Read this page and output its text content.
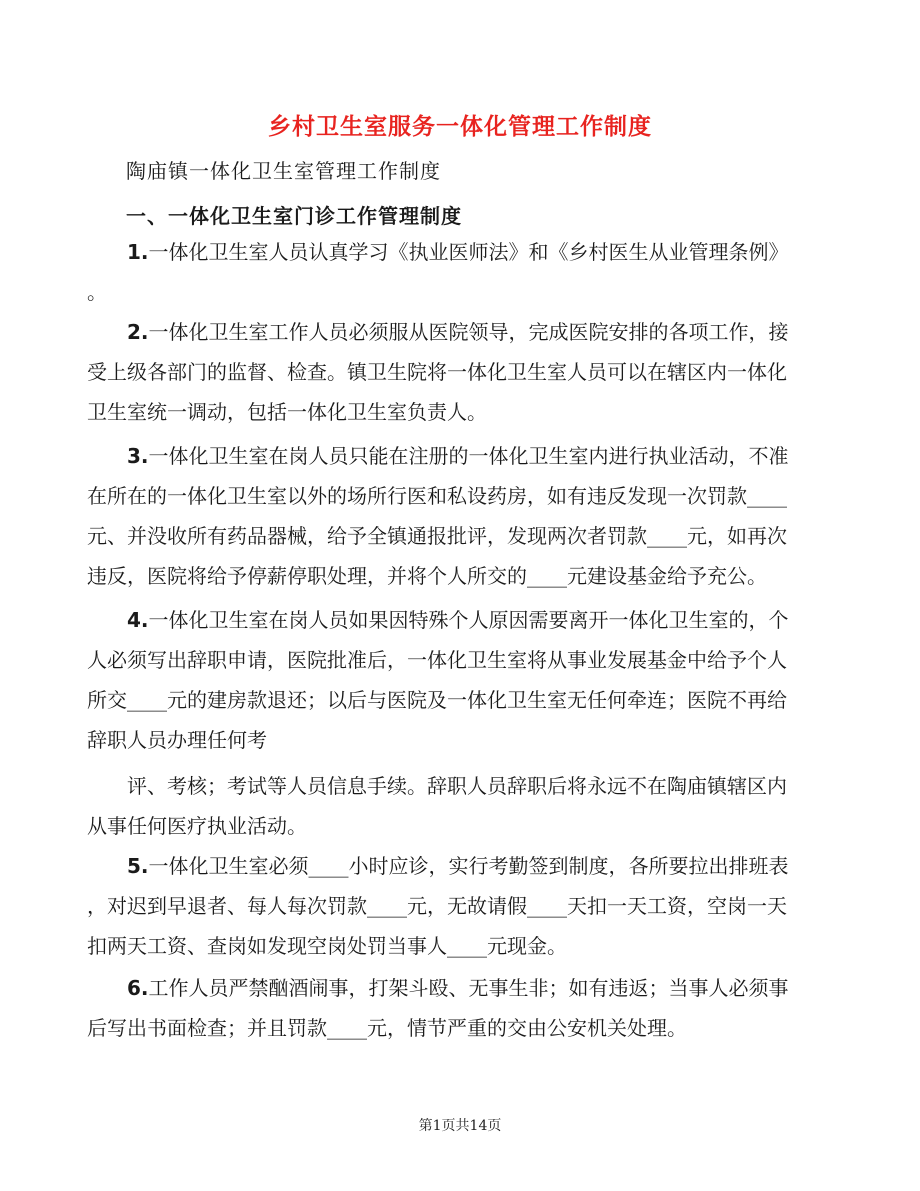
乡村卫生室服务一体化管理工作制度
陶庙镇一体化卫生室管理工作制度
一、一体化卫生室门诊工作管理制度
1.一体化卫生室人员认真学习《执业医师法》和《乡村医生从业管理条例》
。
2.一体化卫生室工作人员必须服从医院领导，完成医院安排的各项工作，接
受上级各部门的监督、检查。镇卫生院将一体化卫生室人员可以在辖区内一体化
卫生室统一调动，包括一体化卫生室负责人。
3.一体化卫生室在岗人员只能在注册的一体化卫生室内进行执业活动，不准
在所在的一体化卫生室以外的场所行医和私设药房，如有违反发现一次罚款____
元、并没收所有药品器械，给予全镇通报批评，发现两次者罚款____元，如再次
违反，医院将给予停薪停职处理，并将个人所交的____元建设基金给予充公。
4.一体化卫生室在岗人员如果因特殊个人原因需要离开一体化卫生室的，个
人必须写出辞职申请，医院批准后，一体化卫生室将从事业发展基金中给予个人
所交____元的建房款退还；以后与医院及一体化卫生室无任何牵连；医院不再给
辞职人员办理任何考
评、考核；考试等人员信息手续。辞职人员辞职后将永远不在陶庙镇辖区内
从事任何医疗执业活动。
5.一体化卫生室必须____小时应诊，实行考勤签到制度，各所要拉出排班表
，对迟到早退者、每人每次罚款____元，无故请假____天扣一天工资，空岗一天
扣两天工资、查岗如发现空岗处罚当事人____元现金。
6.工作人员严禁酗酒闹事，打架斗殴、无事生非；如有违返；当事人必须事
后写出书面检查；并且罚款____元，情节严重的交由公安机关处理。
第1页共14页
